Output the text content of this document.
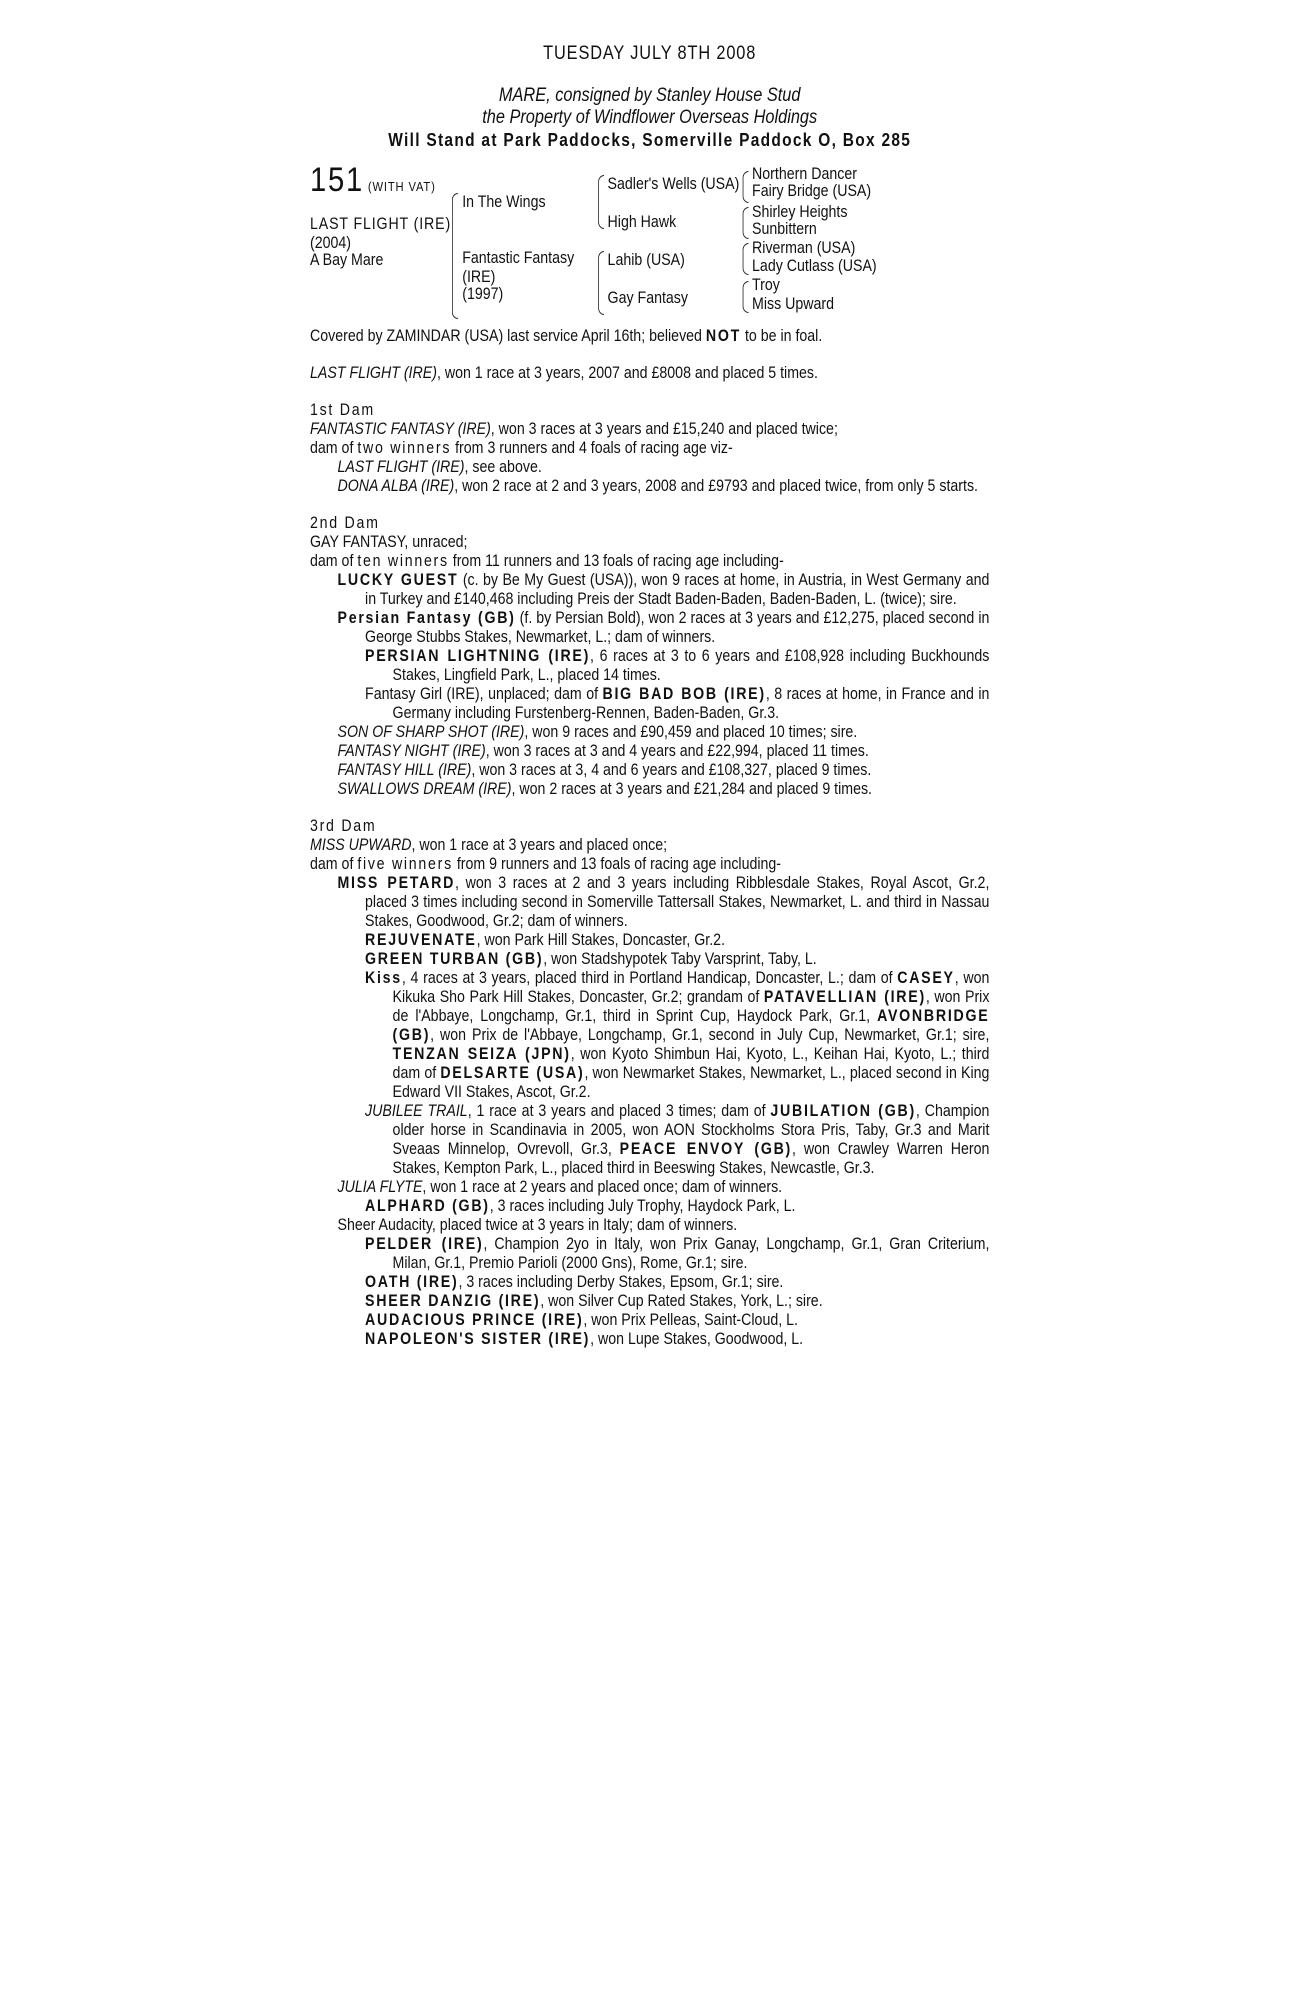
TUESDAY JULY 8TH 2008
MARE, consigned by Stanley House Stud
the Property of Windflower Overseas Holdings
Will Stand at Park Paddocks, Somerville Paddock O, Box 285
151 (WITH VAT)
LAST FLIGHT (IRE)
(2004)
A Bay Mare
In The Wings
Fantastic Fantasy
(IRE)
(1997)
Sadler's Wells (USA)
High Hawk
Lahib (USA)
Gay Fantasy
Northern Dancer
Fairy Bridge (USA)
Shirley Heights
Sunbittern
Riverman (USA)
Lady Cutlass (USA)
Troy
Miss Upward

Covered by ZAMINDAR (USA) last service April 16th; believed NOT to be in foal.

LAST FLIGHT (IRE), won 1 race at 3 years, 2007 and £8008 and placed 5 times.

1st Dam

FANTASTIC FANTASY (IRE), won 3 races at 3 years and £15,240 and placed twice;

dam of two winners from 3 runners and 4 foals of racing age viz-

LAST FLIGHT (IRE), see above.

DONA ALBA (IRE), won 2 race at 2 and 3 years, 2008 and £9793 and placed twice, from only 5 starts.

2nd Dam

GAY FANTASY, unraced;

dam of ten winners from 11 runners and 13 foals of racing age including-

LUCKY GUEST (c. by Be My Guest (USA)), won 9 races at home, in Austria, in West Germany and in Turkey and £140,468 including Preis der Stadt Baden-Baden, Baden-Baden, L. (twice); sire.

Persian Fantasy (GB) (f. by Persian Bold), won 2 races at 3 years and £12,275, placed second in George Stubbs Stakes, Newmarket, L.; dam of winners.

PERSIAN LIGHTNING (IRE), 6 races at 3 to 6 years and £108,928 including Buckhounds Stakes, Lingfield Park, L., placed 14 times.

Fantasy Girl (IRE), unplaced; dam of BIG BAD BOB (IRE), 8 races at home, in France and in Germany including Furstenberg-Rennen, Baden-Baden, Gr.3.

SON OF SHARP SHOT (IRE), won 9 races and £90,459 and placed 10 times; sire.

FANTASY NIGHT (IRE), won 3 races at 3 and 4 years and £22,994, placed 11 times.

FANTASY HILL (IRE), won 3 races at 3, 4 and 6 years and £108,327, placed 9 times.

SWALLOWS DREAM (IRE), won 2 races at 3 years and £21,284 and placed 9 times.

3rd Dam

MISS UPWARD, won 1 race at 3 years and placed once;

dam of five winners from 9 runners and 13 foals of racing age including-

MISS PETARD, won 3 races at 2 and 3 years including Ribblesdale Stakes, Royal Ascot, Gr.2, placed 3 times including second in Somerville Tattersall Stakes, Newmarket, L. and third in Nassau Stakes, Goodwood, Gr.2; dam of winners.

REJUVENATE, won Park Hill Stakes, Doncaster, Gr.2.

GREEN TURBAN (GB), won Stadshypotek Taby Varsprint, Taby, L.

Kiss, 4 races at 3 years, placed third in Portland Handicap, Doncaster, L.; dam of CASEY, won Kikuka Sho Park Hill Stakes, Doncaster, Gr.2; grandam of PATAVELLIAN (IRE), won Prix de l'Abbaye, Longchamp, Gr.1, third in Sprint Cup, Haydock Park, Gr.1, AVONBRIDGE (GB), won Prix de l'Abbaye, Longchamp, Gr.1, second in July Cup, Newmarket, Gr.1; sire, TENZAN SEIZA (JPN), won Kyoto Shimbun Hai, Kyoto, L., Keihan Hai, Kyoto, L.; third dam of DELSARTE (USA), won Newmarket Stakes, Newmarket, L., placed second in King Edward VII Stakes, Ascot, Gr.2.

JUBILEE TRAIL, 1 race at 3 years and placed 3 times; dam of JUBILATION (GB), Champion older horse in Scandinavia in 2005, won AON Stockholms Stora Pris, Taby, Gr.3 and Marit Sveaas Minnelop, Ovrevoll, Gr.3, PEACE ENVOY (GB), won Crawley Warren Heron Stakes, Kempton Park, L., placed third in Beeswing Stakes, Newcastle, Gr.3.

JULIA FLYTE, won 1 race at 2 years and placed once; dam of winners.

ALPHARD (GB), 3 races including July Trophy, Haydock Park, L.

Sheer Audacity, placed twice at 3 years in Italy; dam of winners.

PELDER (IRE), Champion 2yo in Italy, won Prix Ganay, Longchamp, Gr.1, Gran Criterium, Milan, Gr.1, Premio Parioli (2000 Gns), Rome, Gr.1; sire.

OATH (IRE), 3 races including Derby Stakes, Epsom, Gr.1; sire.

SHEER DANZIG (IRE), won Silver Cup Rated Stakes, York, L.; sire.

AUDACIOUS PRINCE (IRE), won Prix Pelleas, Saint-Cloud, L.

NAPOLEON'S SISTER (IRE), won Lupe Stakes, Goodwood, L.
